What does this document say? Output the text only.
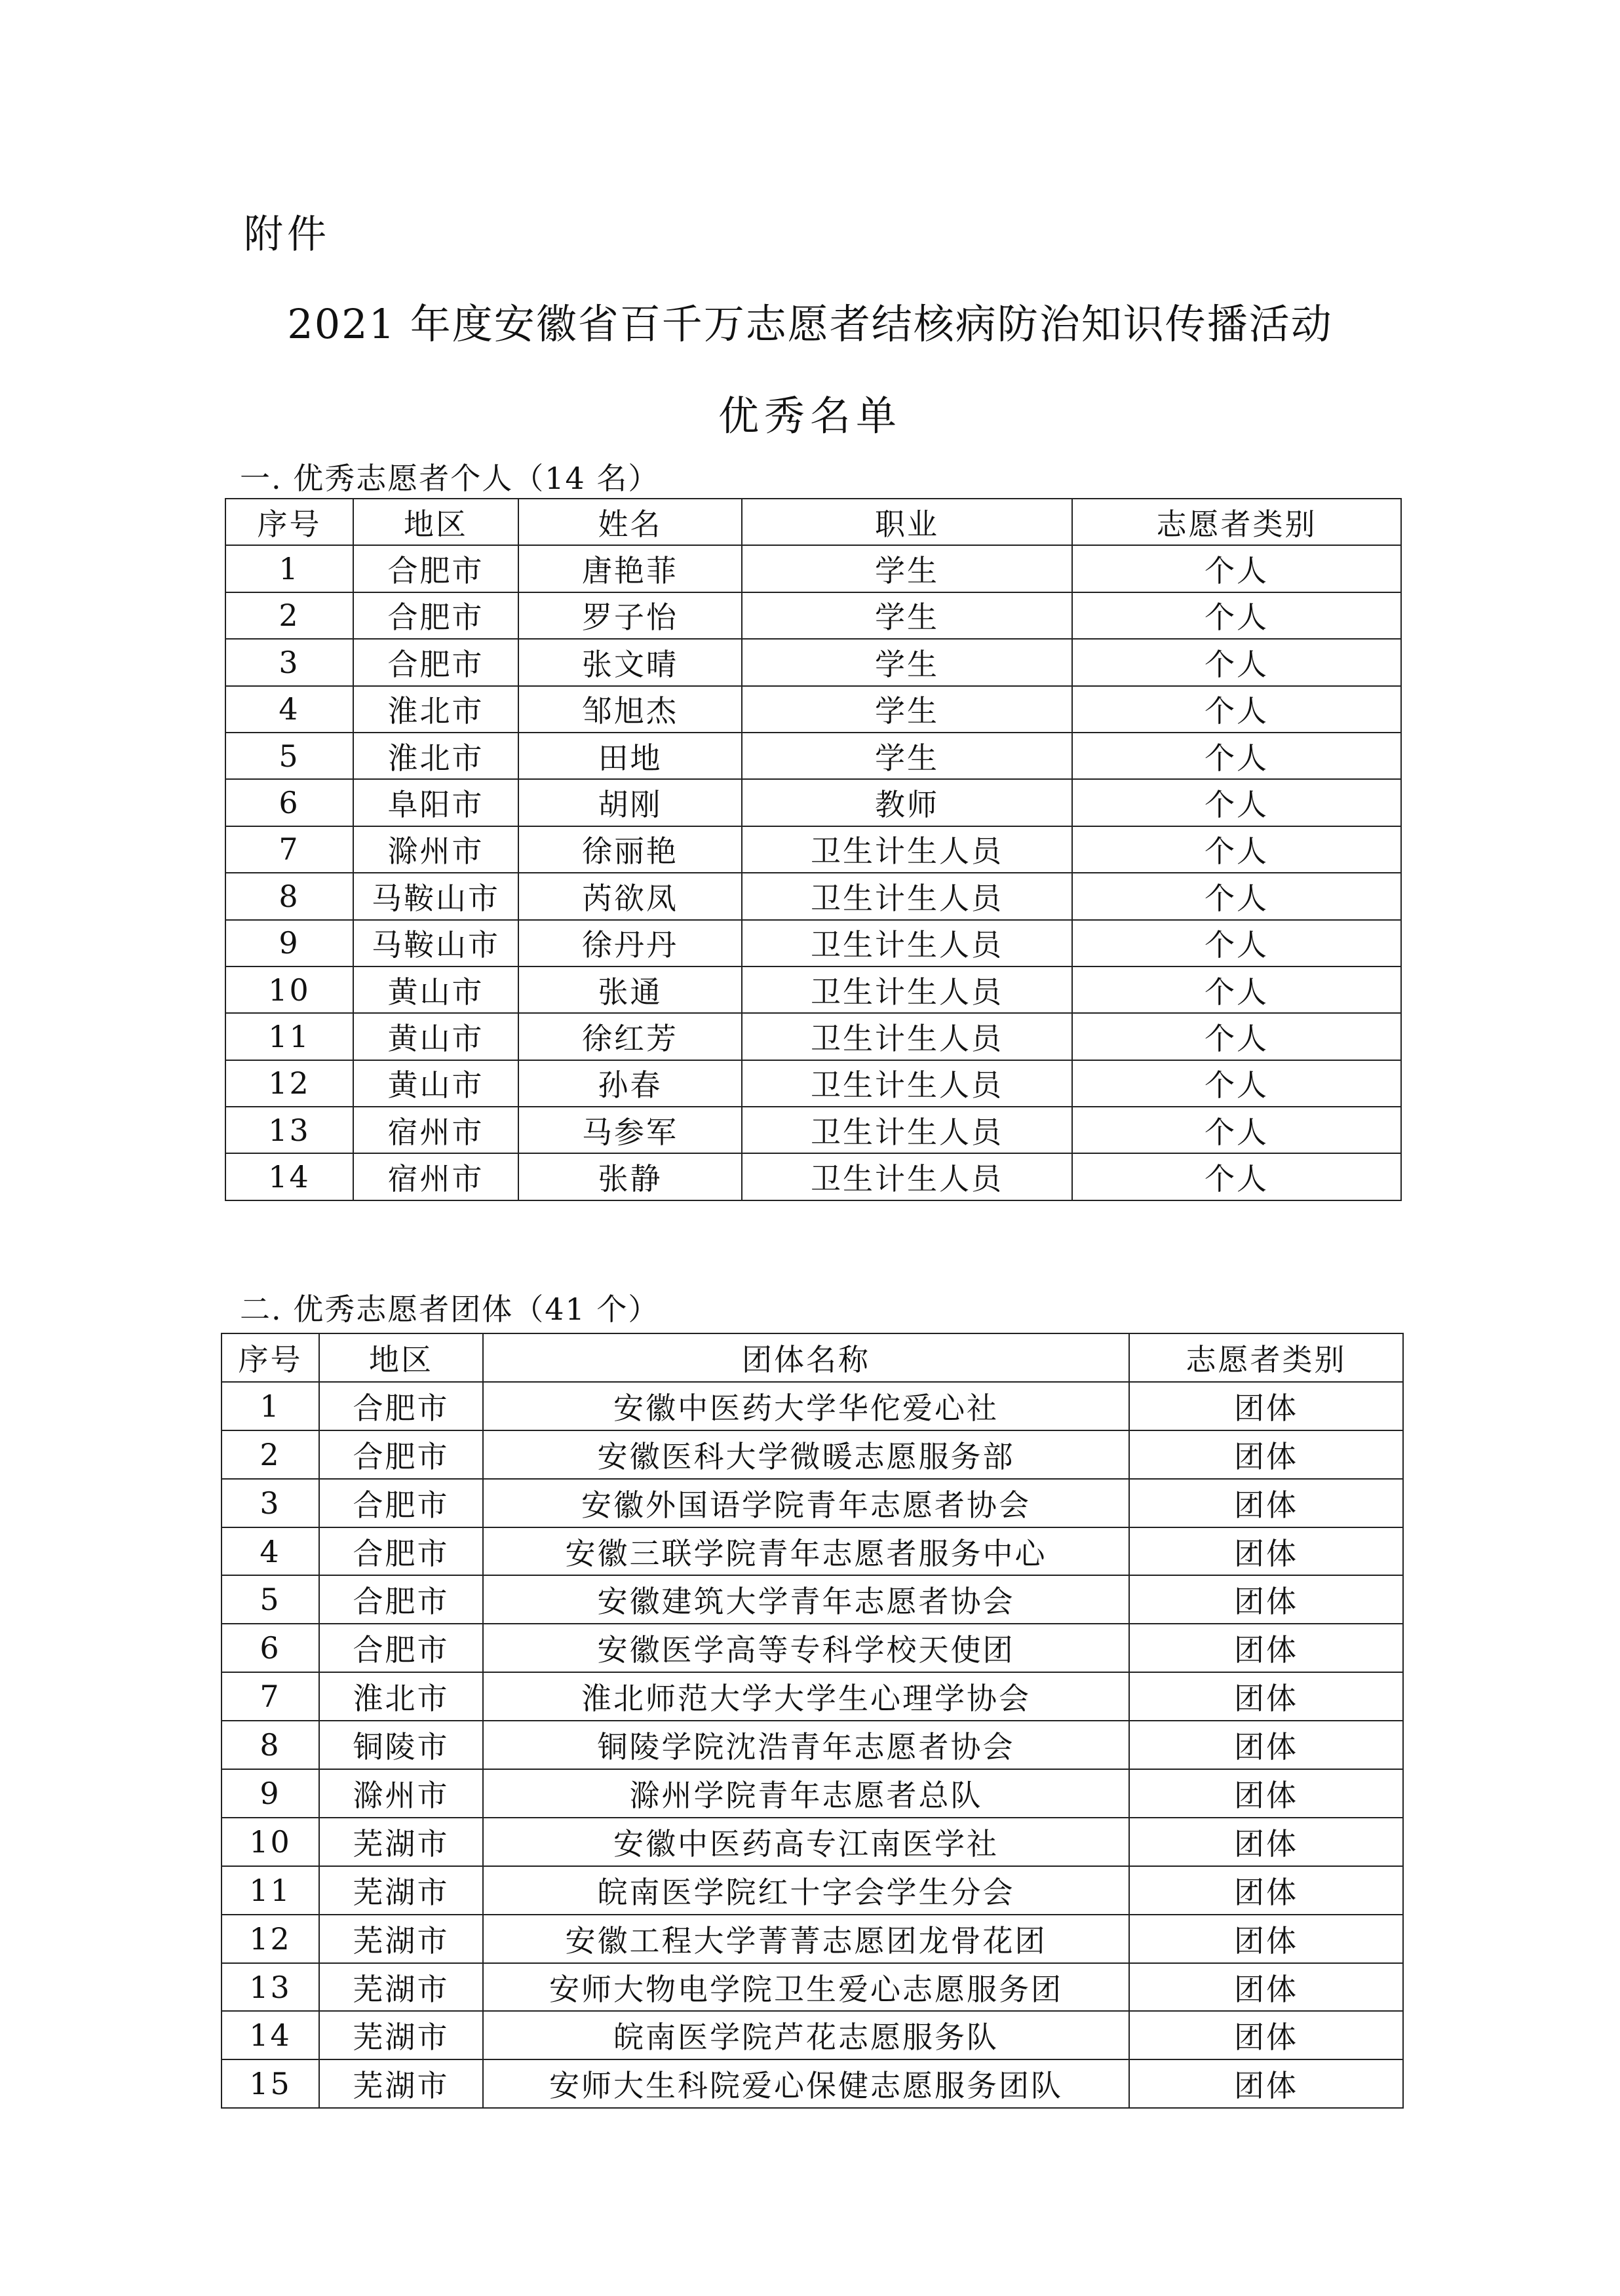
附件
2021 年度安徽省百千万志愿者结核病防治知识传播活动
优秀名单
一. 优秀志愿者个人（14 名）
序号	地区	姓名	职业	志愿者类别
1	合肥市	唐艳菲	学生	个人
2	合肥市	罗子怡	学生	个人
3	合肥市	张文晴	学生	个人
4	淮北市	邹旭杰	学生	个人
5	淮北市	田地	学生	个人
6	阜阳市	胡刚	教师	个人
7	滁州市	徐丽艳	卫生计生人员	个人
8	马鞍山市	芮欲凤	卫生计生人员	个人
9	马鞍山市	徐丹丹	卫生计生人员	个人
10	黄山市	张通	卫生计生人员	个人
11	黄山市	徐红芳	卫生计生人员	个人
12	黄山市	孙春	卫生计生人员	个人
13	宿州市	马参军	卫生计生人员	个人
14	宿州市	张静	卫生计生人员	个人
二. 优秀志愿者团体（41 个）
序号	地区	团体名称	志愿者类别
1	合肥市	安徽中医药大学华佗爱心社	团体
2	合肥市	安徽医科大学微暖志愿服务部	团体
3	合肥市	安徽外国语学院青年志愿者协会	团体
4	合肥市	安徽三联学院青年志愿者服务中心	团体
5	合肥市	安徽建筑大学青年志愿者协会	团体
6	合肥市	安徽医学高等专科学校天使团	团体
7	淮北市	淮北师范大学大学生心理学协会	团体
8	铜陵市	铜陵学院沈浩青年志愿者协会	团体
9	滁州市	滁州学院青年志愿者总队	团体
10	芜湖市	安徽中医药高专江南医学社	团体
11	芜湖市	皖南医学院红十字会学生分会	团体
12	芜湖市	安徽工程大学菁菁志愿团龙骨花团	团体
13	芜湖市	安师大物电学院卫生爱心志愿服务团	团体
14	芜湖市	皖南医学院芦花志愿服务队	团体
15	芜湖市	安师大生科院爱心保健志愿服务团队	团体
